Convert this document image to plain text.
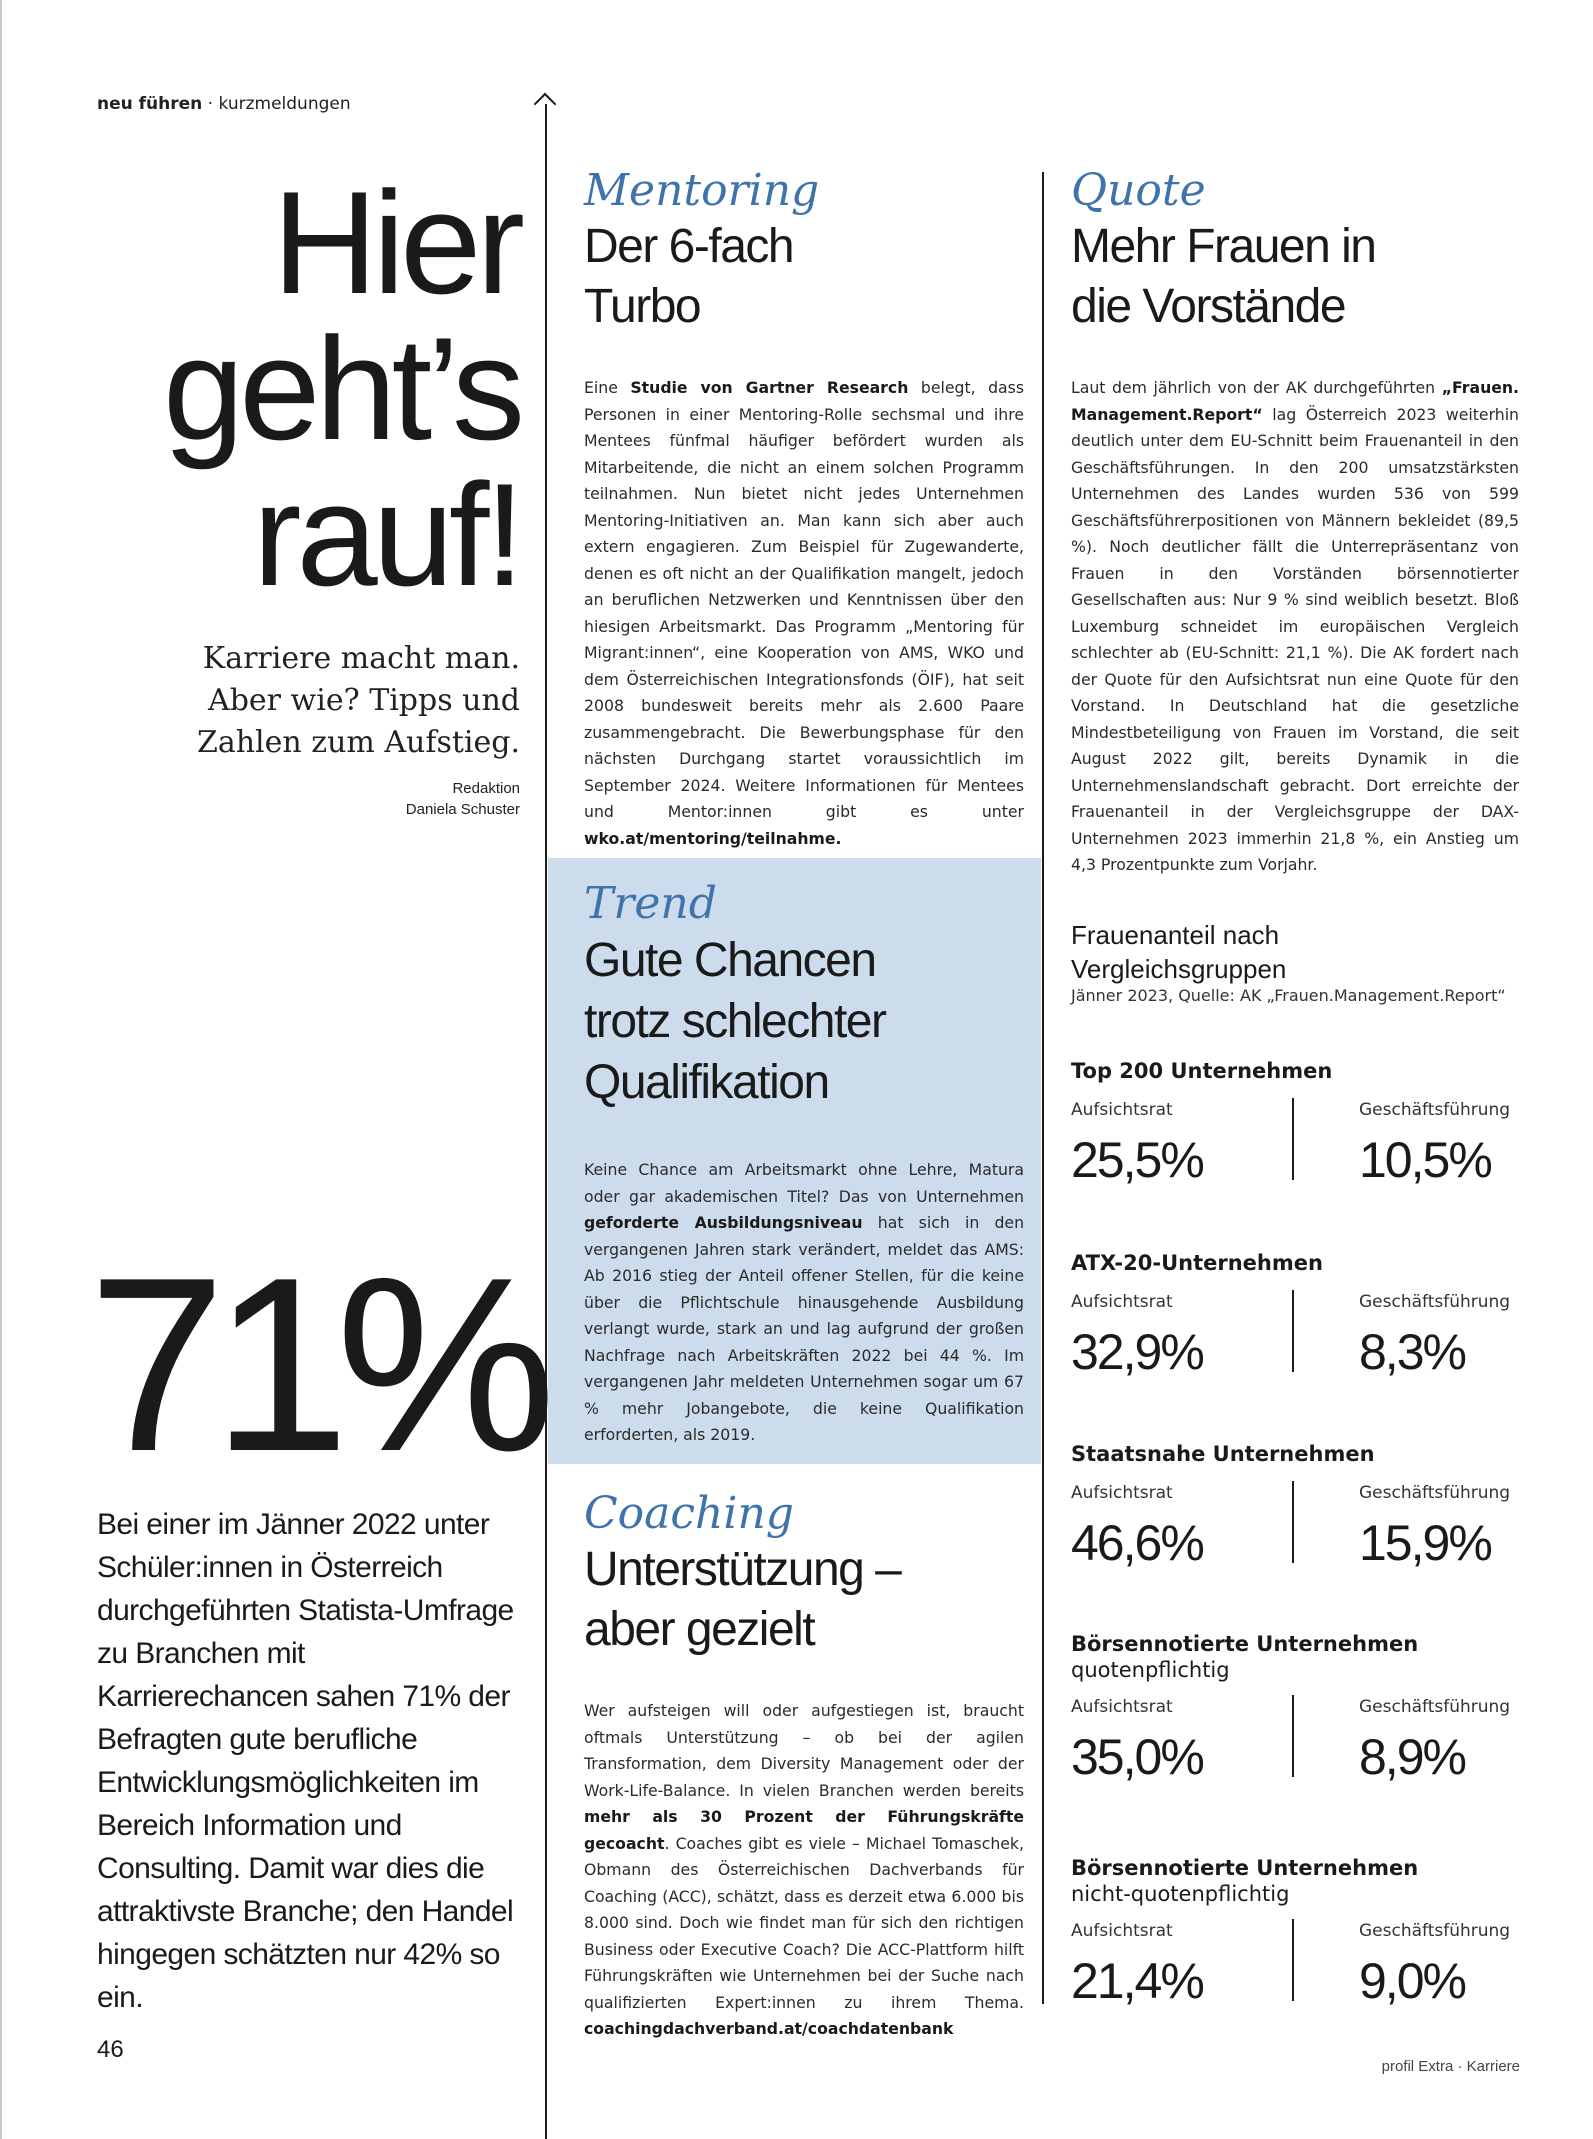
neu führen · kurzmeldungen
Hier
geht’s
rauf!
Karriere macht man. Aber wie? Tipps und Zahlen zum Aufstieg.
Redaktion
Daniela Schuster
71%
Bei einer im Jänner 2022 unter Schüler:innen in Österreich durchgeführten Statista-Umfrage zu Branchen mit Karrierechancen sahen 71% der Befragten gute berufliche Entwicklungsmöglichkeiten im Bereich Information und Consulting. Damit war dies die attraktivste Branche; den Handel hingegen schätzten nur 42% so ein.
Mentoring
Der 6-fach
Turbo
Eine Studie von Gartner Research belegt, dass Personen in einer Mentoring-Rolle sechsmal und ihre Mentees fünfmal häufiger befördert wurden als Mitarbeitende, die nicht an einem solchen Programm teilnahmen. Nun bietet nicht jedes Unternehmen Mentoring-Initiativen an. Man kann sich aber auch extern engagieren. Zum Beispiel für Zugewanderte, denen es oft nicht an der Qualifikation mangelt, jedoch an beruflichen Netzwerken und Kenntnissen über den hiesigen Arbeitsmarkt. Das Programm „Mentoring für Migrant:innen“, eine Kooperation von AMS, WKO und dem Österreichischen Integrationsfonds (ÖIF), hat seit 2008 bundesweit bereits mehr als 2.600 Paare zusammengebracht. Die Bewerbungsphase für den nächsten Durchgang startet voraussichtlich im September 2024. Weitere Informationen für Mentees und Mentor:innen gibt es unter wko.at/mentoring/teilnahme.
Quote
Mehr Frauen in
die Vorstände
Laut dem jährlich von der AK durchgeführten „Frauen. Management.Report“ lag Österreich 2023 weiterhin deutlich unter dem EU-Schnitt beim Frauenanteil in den Geschäftsführungen. In den 200 umsatzstärksten Unternehmen des Landes wurden 536 von 599 Geschäftsführerpositionen von Männern bekleidet (89,5 %). Noch deutlicher fällt die Unterrepräsentanz von Frauen in den Vorständen börsennotierter Gesellschaften aus: Nur 9 % sind weiblich besetzt. Bloß Luxemburg schneidet im europäischen Vergleich schlechter ab (EU-Schnitt: 21,1 %). Die AK fordert nach der Quote für den Aufsichtsrat nun eine Quote für den Vorstand. In Deutschland hat die gesetzliche Mindestbeteiligung von Frauen im Vorstand, die seit August 2022 gilt, bereits Dynamik in die Unternehmenslandschaft gebracht. Dort erreichte der Frauenanteil in der Vergleichsgruppe der DAX-Unternehmen 2023 immerhin 21,8 %, ein Anstieg um 4,3 Prozentpunkte zum Vorjahr.
Trend
Gute Chancen
trotz schlechter
Qualifikation
Keine Chance am Arbeitsmarkt ohne Lehre, Matura oder gar akademischen Titel? Das von Unternehmen geforderte Ausbildungsniveau hat sich in den vergangenen Jahren stark verändert, meldet das AMS: Ab 2016 stieg der Anteil offener Stellen, für die keine über die Pflichtschule hinausgehende Ausbildung verlangt wurde, stark an und lag aufgrund der großen Nachfrage nach Arbeitskräften 2022 bei 44 %. Im vergangenen Jahr meldeten Unternehmen sogar um 67 % mehr Jobangebote, die keine Qualifikation erforderten, als 2019.
Coaching
Unterstützung –
aber gezielt
Wer aufsteigen will oder aufgestiegen ist, braucht oftmals Unterstützung – ob bei der agilen Transformation, dem Diversity Management oder der Work-Life-Balance. In vielen Branchen werden bereits mehr als 30 Prozent der Führungskräfte gecoacht. Coaches gibt es viele – Michael Tomaschek, Obmann des Österreichischen Dachverbands für Coaching (ACC), schätzt, dass es derzeit etwa 6.000 bis 8.000 sind. Doch wie findet man für sich den richtigen Business oder Executive Coach? Die ACC-Plattform hilft Führungskräften wie Unternehmen bei der Suche nach qualifizierten Expert:innen zu ihrem Thema. coachingdachverband.at/coachdatenbank
Frauenanteil nach
Vergleichsgruppen
Jänner 2023, Quelle: AK „Frauen.Management.Report“
Top 200 Unternehmen
Aufsichtsrat	Geschäftsführung
25,5%	10,5%
ATX-20-Unternehmen
Aufsichtsrat	Geschäftsführung
32,9%	8,3%
Staatsnahe Unternehmen
Aufsichtsrat	Geschäftsführung
46,6%	15,9%
Börsennotierte Unternehmen
quotenpflichtig
Aufsichtsrat	Geschäftsführung
35,0%	8,9%
Börsennotierte Unternehmen
nicht-quotenpflichtig
Aufsichtsrat	Geschäftsführung
21,4%	9,0%
46
profil Extra · Karriere
